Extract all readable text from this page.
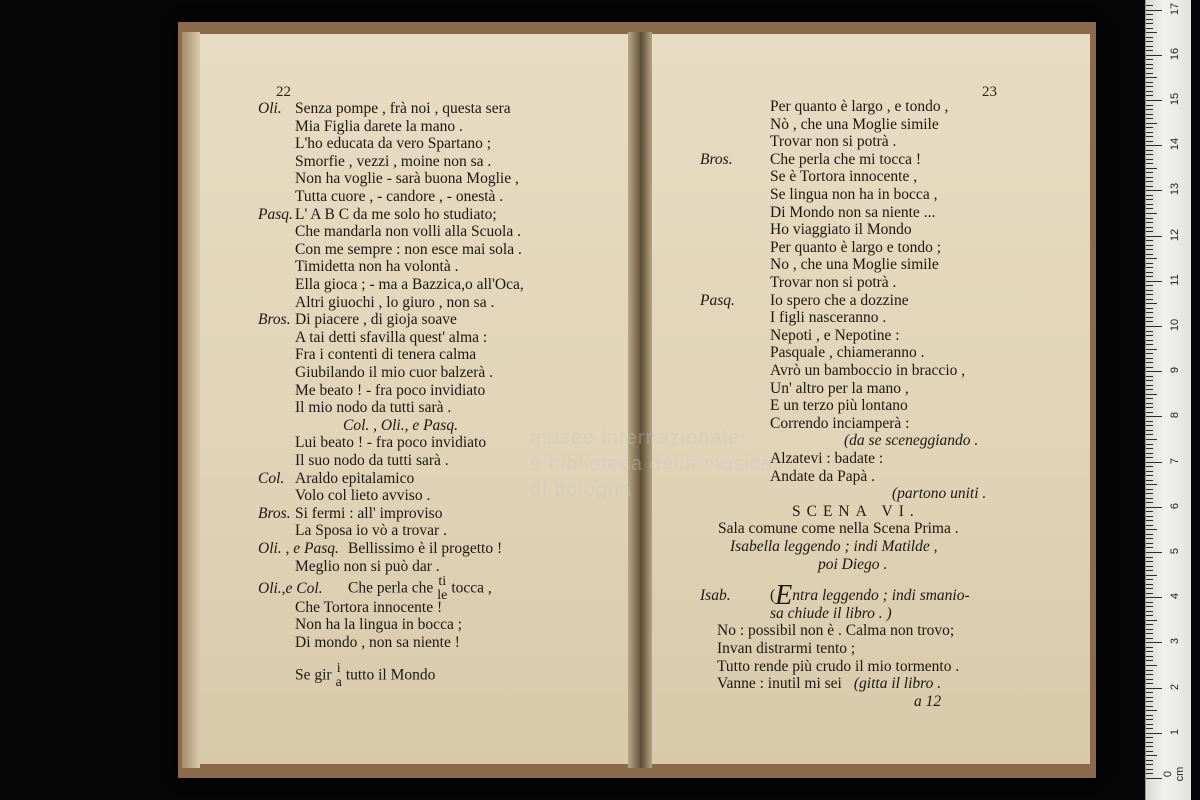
22
Oli. Senza pompe , frà noi , questa sera
Mia Figlia darete la mano .
L'ho educata da vero Spartano ;
Smorfie , vezzi , moine non sa .
Non ha voglie - sarà buona Moglie ,
Tutta cuore , - candore , - onestà .
Pasq. L' A B C da me solo ho studiato;
Che mandarla non volli alla Scuola .
Con me sempre : non esce mai sola .
Timidetta non ha volontà .
Ella gioca ; - ma a Bazzica,o all'Oca,
Altri giuochi , lo giuro , non sa .
Bros. Di piacere , di gioja soave
A tai detti sfavilla quest' alma :
Fra i contenti di tenera calma
Giubilando il mio cuor balzerà .
Me beato ! - fra poco invidiato
Il mio nodo da tutti sarà .
Col. , Oli., e Pasq.
Lui beato ! - fra poco invidiato
Il suo nodo da tutti sarà .
Col. Araldo epitalamico
Volo col lieto avviso .
Bros. Si fermi : all' improviso
La Sposa io vò a trovar .
Oli. , e Pasq. Bellissimo è il progetto !
Meglio non si può dar .
Oli.,e Col. Che perla che ti
le tocca ,
Che Tortora innocente !
Non ha la lingua in bocca ;
Di mondo , non sa niente !
Se gir i
a tutto il Mondo
23
Per quanto è largo , e tondo ,
Nò , che una Moglie simile
Trovar non si potrà .
Bros. Che perla che mi tocca !
Se è Tortora innocente ,
Se lingua non ha in bocca ,
Di Mondo non sa niente ...
Ho viaggiato il Mondo
Per quanto è largo e tondo ;
No , che una Moglie simile
Trovar non si potrà .
Pasq. Io spero che a dozzine
I figli nasceranno .
Nepoti , e Nepotine :
Pasquale , chiameranno .
Avrò un bamboccio in braccio ,
Un' altro per la mano ,
E un terzo più lontano
Correndo inciamperà :
(da se sceneggiando .
Alzatevi : badate :
Andate da Papà .
(partono uniti .
SCENA VI.
Sala comune come nella Scena Prima .
Isabella leggendo ; indi Matilde ,
poi Diego .
Isab.	(Entra leggendo ; indi smanio-
sa chiude il libro . )
No : possibil non è . Calma non trovo;
Invan distrarmi tento ;
Tutto rende più crudo il mio tormento .
Vanne : inutil mi sei (gitta il libro .
a 12
museo internazionale
e biblioteca della musica
di bologna
0 cm
1
2
3
4
5
6
7
8
9
10
11
12
13
14
15
16
17
